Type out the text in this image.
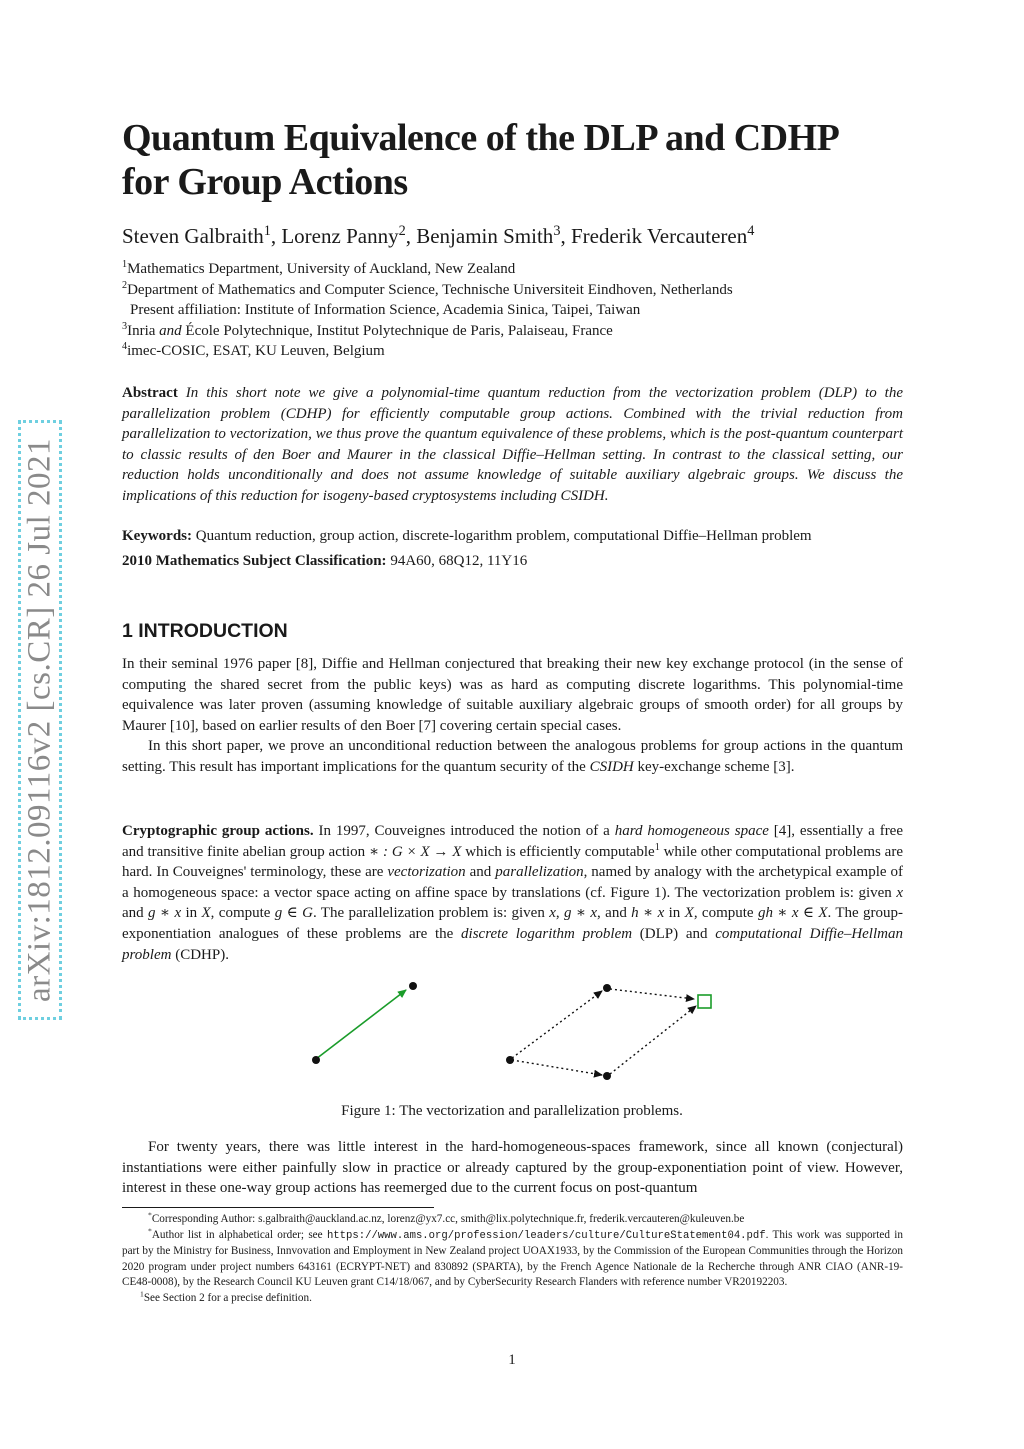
arXiv:1812.09116v2 [cs.CR] 26 Jul 2021
Quantum Equivalence of the DLP and CDHP
for Group Actions
Steven Galbraith$^1$, Lorenz Panny$^2$, Benjamin Smith$^3$, Frederik Vercauteren$^4$
$^1$Mathematics Department, University of Auckland, New Zealand
$^2$Department of Mathematics and Computer Science, Technische Universiteit Eindhoven, Netherlands
Present affiliation: Institute of Information Science, Academia Sinica, Taipei, Taiwan
$^3$Inria and École Polytechnique, Institut Polytechnique de Paris, Palaiseau, France
$^4$imec-COSIC, ESAT, KU Leuven, Belgium
Abstract In this short note we give a polynomial-time quantum reduction from the vectorization problem (DLP) to the parallelization problem (CDHP) for efficiently computable group actions. Combined with the trivial reduction from parallelization to vectorization, we thus prove the quantum equivalence of these problems, which is the post-quantum counterpart to classic results of den Boer and Maurer in the classical Diffie–Hellman setting. In contrast to the classical setting, our reduction holds unconditionally and does not assume knowledge of suitable auxiliary algebraic groups. We discuss the implications of this reduction for isogeny-based cryptosystems including CSIDH.
Keywords: Quantum reduction, group action, discrete-logarithm problem, computational Diffie–Hellman problem
2010 Mathematics Subject Classification: 94A60, 68Q12, 11Y16
1 INTRODUCTION
In their seminal 1976 paper [8], Diffie and Hellman conjectured that breaking their new key exchange protocol (in the sense of computing the shared secret from the public keys) was as hard as computing discrete logarithms. This polynomial-time equivalence was later proven (assuming knowledge of suitable auxiliary algebraic groups of smooth order) for all groups by Maurer [10], based on earlier results of den Boer [7] covering certain special cases.
In this short paper, we prove an unconditional reduction between the analogous problems for group actions in the quantum setting. This result has important implications for the quantum security of the CSIDH key-exchange scheme [3].
Cryptographic group actions. In 1997, Couveignes introduced the notion of a hard homogeneous space [4], essentially a free and transitive finite abelian group action ∗ : G × X → X which is efficiently computable$^1$ while other computational problems are hard. In Couveignes' terminology, these are vectorization and parallelization, named by analogy with the archetypical example of a homogeneous space: a vector space acting on affine space by translations (cf. Figure 1). The vectorization problem is: given x and g ∗ x in X, compute g ∈ G. The parallelization problem is: given x, g ∗ x, and h ∗ x in X, compute gh ∗ x ∈ X. The group-exponentiation analogues of these problems are the discrete logarithm problem (DLP) and computational Diffie–Hellman problem (CDHP).
Figure 1: The vectorization and parallelization problems.
For twenty years, there was little interest in the hard-homogeneous-spaces framework, since all known (conjectural) instantiations were either painfully slow in practice or already captured by the group-exponentiation point of view. However, interest in these one-way group actions has reemerged due to the current focus on post-quantum
*Corresponding Author: s.galbraith@auckland.ac.nz, lorenz@yx7.cc, smith@lix.polytechnique.fr, frederik.vercauteren@kuleuven.be
*Author list in alphabetical order; see https://www.ams.org/profession/leaders/culture/CultureStatement04.pdf. This work was supported in part by the Ministry for Business, Innvovation and Employment in New Zealand project UOAX1933, by the Commission of the European Communities through the Horizon 2020 program under project numbers 643161 (ECRYPT-NET) and 830892 (SPARTA), by the French Agence Nationale de la Recherche through ANR CIAO (ANR-19-CE48-0008), by the Research Council KU Leuven grant C14/18/067, and by CyberSecurity Research Flanders with reference number VR20192203.
$^1$See Section 2 for a precise definition.
1
